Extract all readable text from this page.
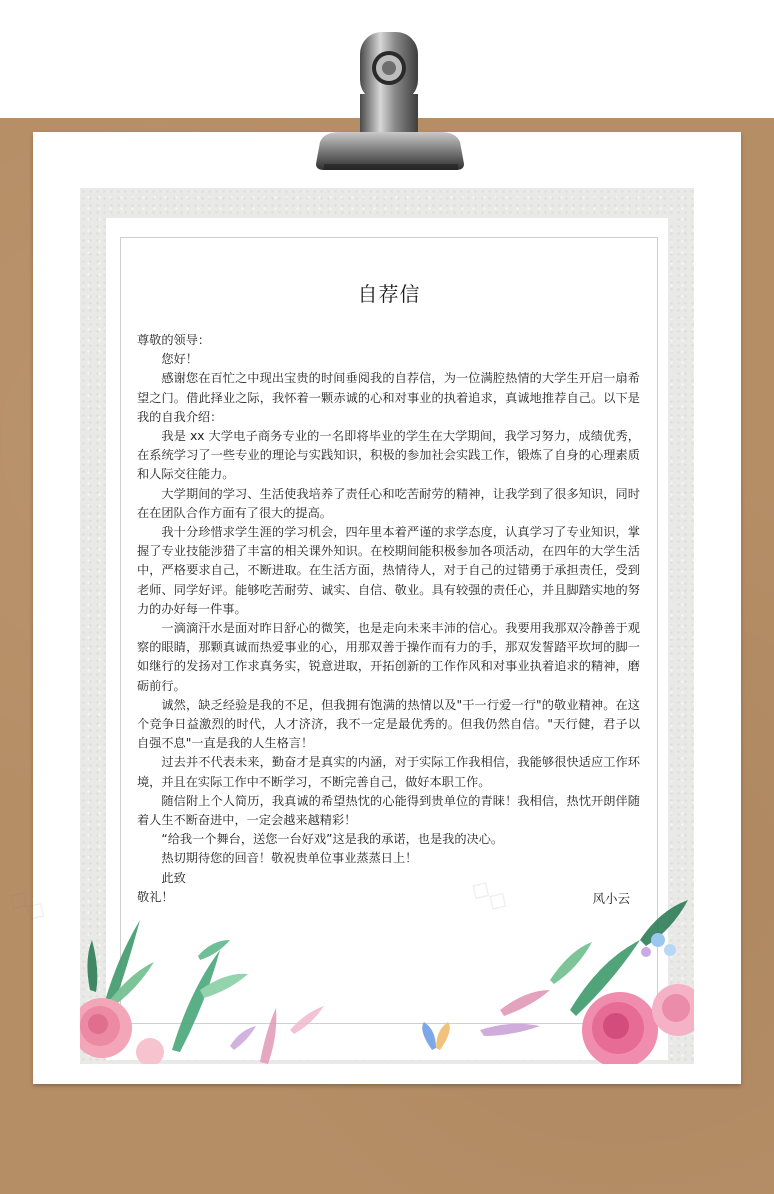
◇◇	◇◇
自荐信

尊敬的领导：

您好！

感谢您在百忙之中现出宝贵的时间垂阅我的自荐信，为一位满腔热情的大学生开启一扇希望之门。借此择业之际，我怀着一颗赤诚的心和对事业的执着追求，真诚地推荐自己。以下是我的自我介绍：

我是 xx 大学电子商务专业的一名即将毕业的学生在大学期间，我学习努力，成绩优秀，在系统学习了一些专业的理论与实践知识，积极的参加社会实践工作，锻炼了自身的心理素质和人际交往能力。

大学期间的学习、生活使我培养了责任心和吃苦耐劳的精神，让我学到了很多知识，同时在在团队合作方面有了很大的提高。

我十分珍惜求学生涯的学习机会，四年里本着严谨的求学态度，认真学习了专业知识，掌握了专业技能涉猎了丰富的相关课外知识。在校期间能积极参加各项活动，在四年的大学生活中，严格要求自己，不断进取。在生活方面，热情待人，对于自己的过错勇于承担责任，受到老师、同学好评。能够吃苦耐劳、诚实、自信、敬业。具有较强的责任心，并且脚踏实地的努力的办好每一件事。

一滴滴汗水是面对昨日舒心的微笑，也是走向未来丰沛的信心。我要用我那双冷静善于观察的眼睛，那颗真诚而热爱事业的心，用那双善于操作而有力的手，那双发誓踏平坎坷的脚一如继行的发扬对工作求真务实，锐意进取，开拓创新的工作作风和对事业执着追求的精神，磨砺前行。

诚然，缺乏经验是我的不足，但我拥有饱满的热情以及"干一行爱一行"的敬业精神。在这个竞争日益激烈的时代，人才济济，我不一定是最优秀的。但我仍然自信。"天行健，君子以自强不息"一直是我的人生格言！

过去并不代表未来，勤奋才是真实的内涵，对于实际工作我相信，我能够很快适应工作环境，并且在实际工作中不断学习，不断完善自己，做好本职工作。

随信附上个人简历，我真诚的希望热忱的心能得到贵单位的青睐！我相信，热忱开朗伴随着人生不断奋进中，一定会越来越精彩！

“给我一个舞台，送您一台好戏”这是我的承诺，也是我的决心。

热切期待您的回音！敬祝贵单位事业蒸蒸日上！

此致

敬礼！	风小云
